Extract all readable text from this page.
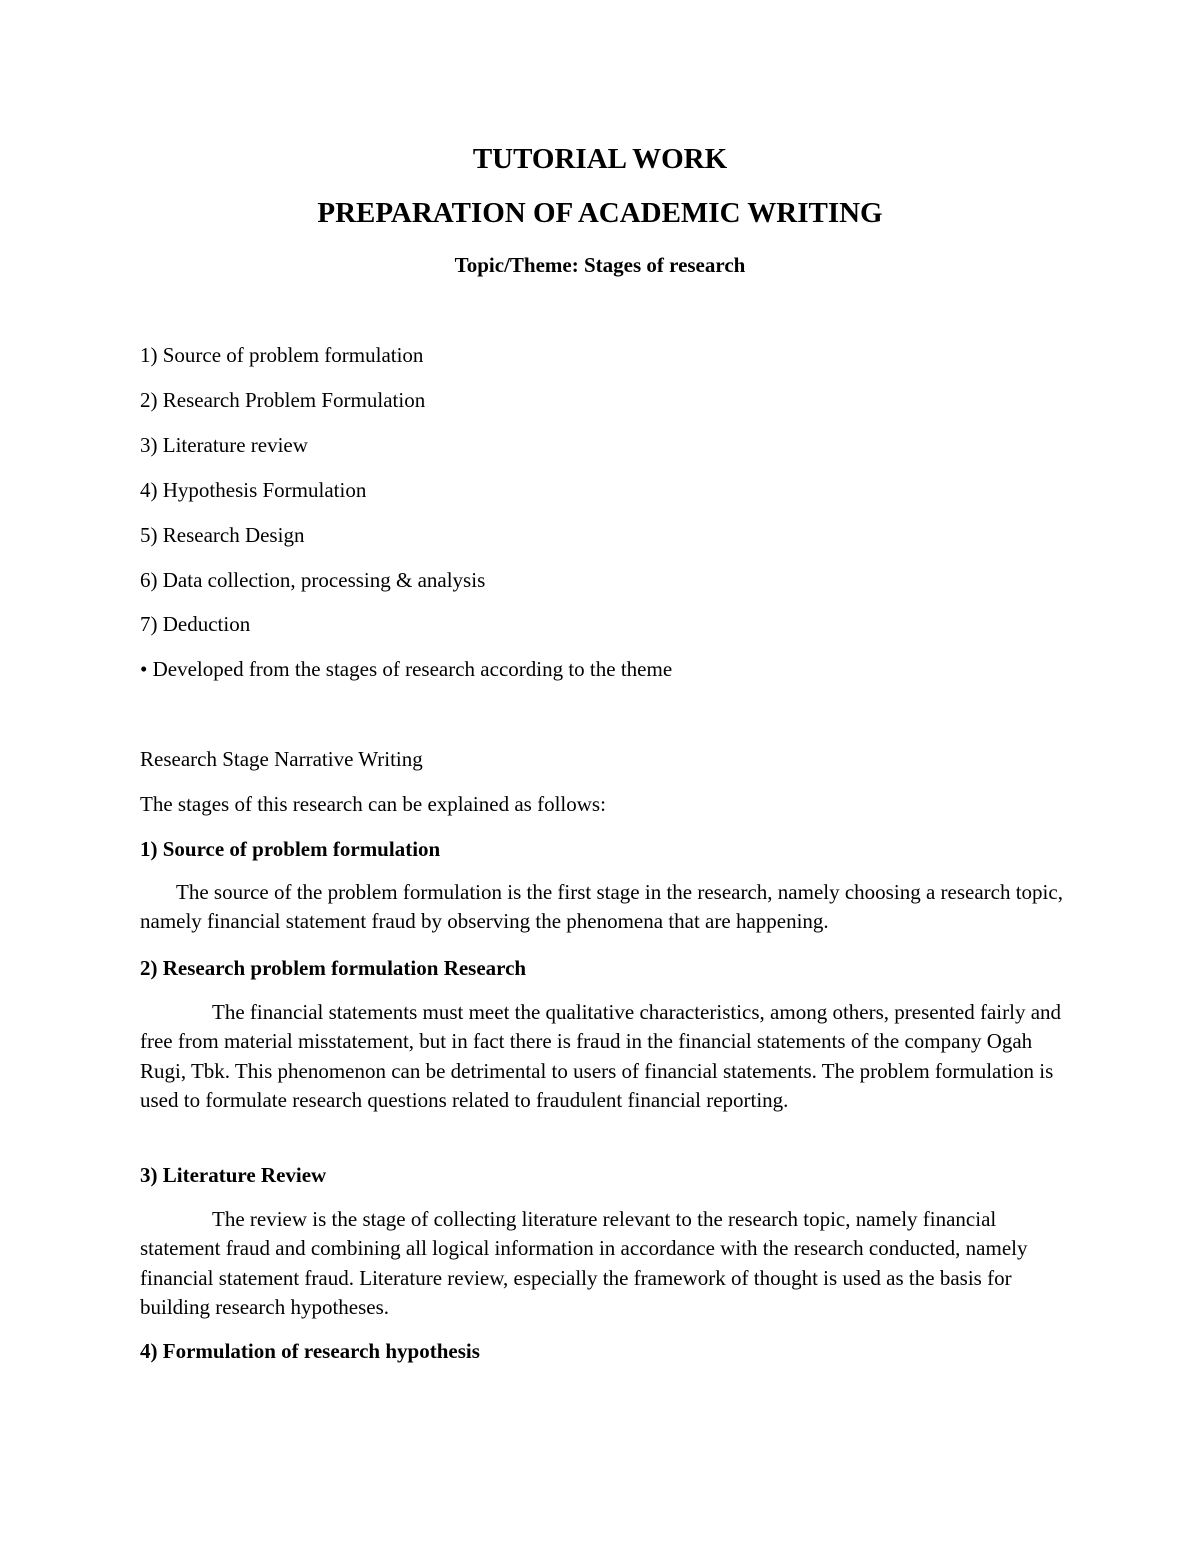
TUTORIAL WORK

PREPARATION OF ACADEMIC WRITING

Topic/Theme: Stages of research

1) Source of problem formulation

2) Research Problem Formulation

3) Literature review

4) Hypothesis Formulation

5) Research Design

6) Data collection, processing & analysis

7) Deduction

• Developed from the stages of research according to the theme

Research Stage Narrative Writing

The stages of this research can be explained as follows:

1) Source of problem formulation

The source of the problem formulation is the first stage in the research, namely choosing a research topic, namely financial statement fraud by observing the phenomena that are happening.

2) Research problem formulation Research

The financial statements must meet the qualitative characteristics, among others, presented fairly and free from material misstatement, but in fact there is fraud in the financial statements of the company Ogah Rugi, Tbk. This phenomenon can be detrimental to users of financial statements. The problem formulation is used to formulate research questions related to fraudulent financial reporting.

3) Literature Review

The review is the stage of collecting literature relevant to the research topic, namely financial statement fraud and combining all logical information in accordance with the research conducted, namely financial statement fraud. Literature review, especially the framework of thought is used as the basis for building research hypotheses.

4) Formulation of research hypothesis
